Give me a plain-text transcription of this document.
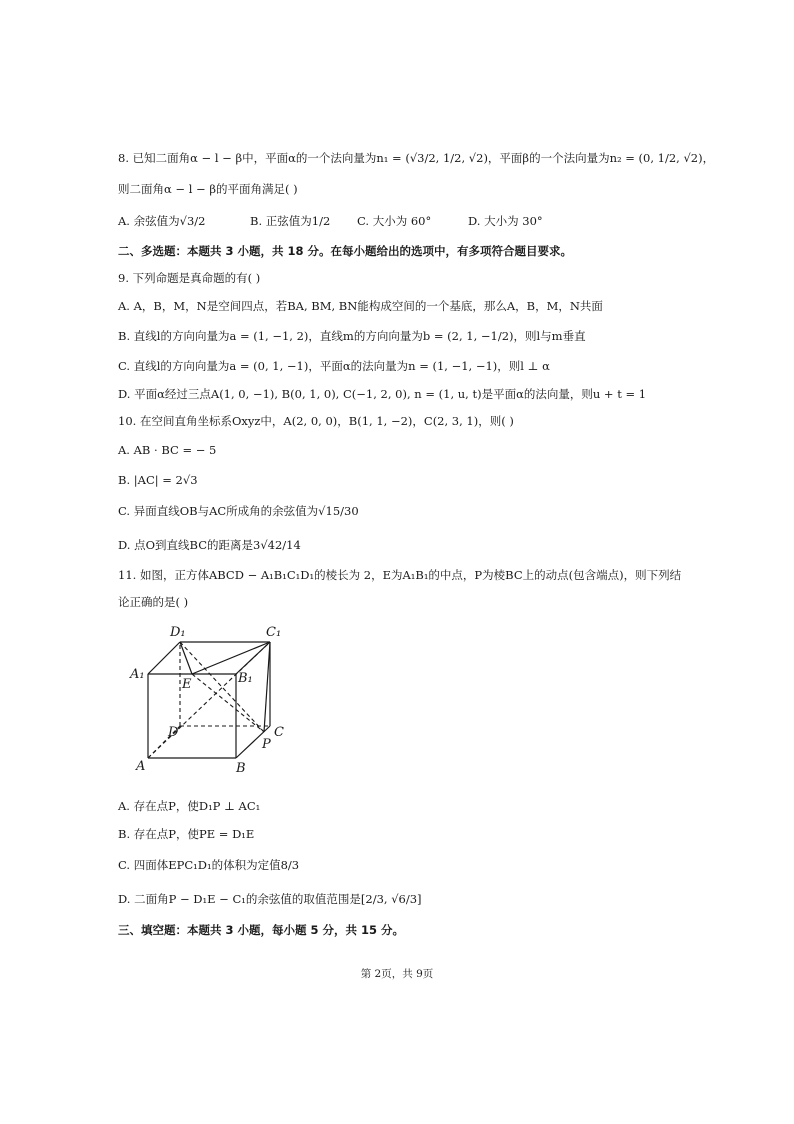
8. 已知二面角α − l − β中，平面α的一个法向量为n₁ = (√3/2, 1/2, √2)，平面β的一个法向量为n₂ = (0, 1/2, √2)，
则二面角α − l − β的平面角满足( )
A. 余弦值为√3/2	B. 正弦值为1/2 C. 大小为 60°	D. 大小为 30°
二、多选题：本题共 3 小题，共 18 分。在每小题给出的选项中，有多项符合题目要求。
9. 下列命题是真命题的有( )
A. A，B，M，N是空间四点，若BA, BM, BN能构成空间的一个基底，那么A，B，M，N共面
B. 直线l的方向向量为a = (1, −1, 2)，直线m的方向向量为b = (2, 1, −1/2)，则l与m垂直
C. 直线l的方向向量为a = (0, 1, −1)，平面α的法向量为n = (1, −1, −1)，则l ⊥ α
D. 平面α经过三点A(1, 0, −1), B(0, 1, 0), C(−1, 2, 0), n = (1, u, t)是平面α的法向量，则u + t = 1
10. 在空间直角坐标系Oxyz中，A(2, 0, 0)，B(1, 1, −2)，C(2, 3, 1)，则( )
A. AB · BC = − 5
B. |AC| = 2√3
C. 异面直线OB与AC所成角的余弦值为√15/30
D. 点O到直线BC的距离是3√42/14
11. 如图，正方体ABCD − A₁B₁C₁D₁的棱长为 2，E为A₁B₁的中点，P为棱BC上的动点(包含端点)，则下列结
论正确的是( )
D₁	C₁
A₁
E	B₁
D	C
P
A	B
A. 存在点P，使D₁P ⊥ AC₁
B. 存在点P，使PE = D₁E
C. 四面体EPC₁D₁的体积为定值8/3
D. 二面角P − D₁E − C₁的余弦值的取值范围是[2/3, √6/3]
三、填空题：本题共 3 小题，每小题 5 分，共 15 分。
第 2页，共 9页
